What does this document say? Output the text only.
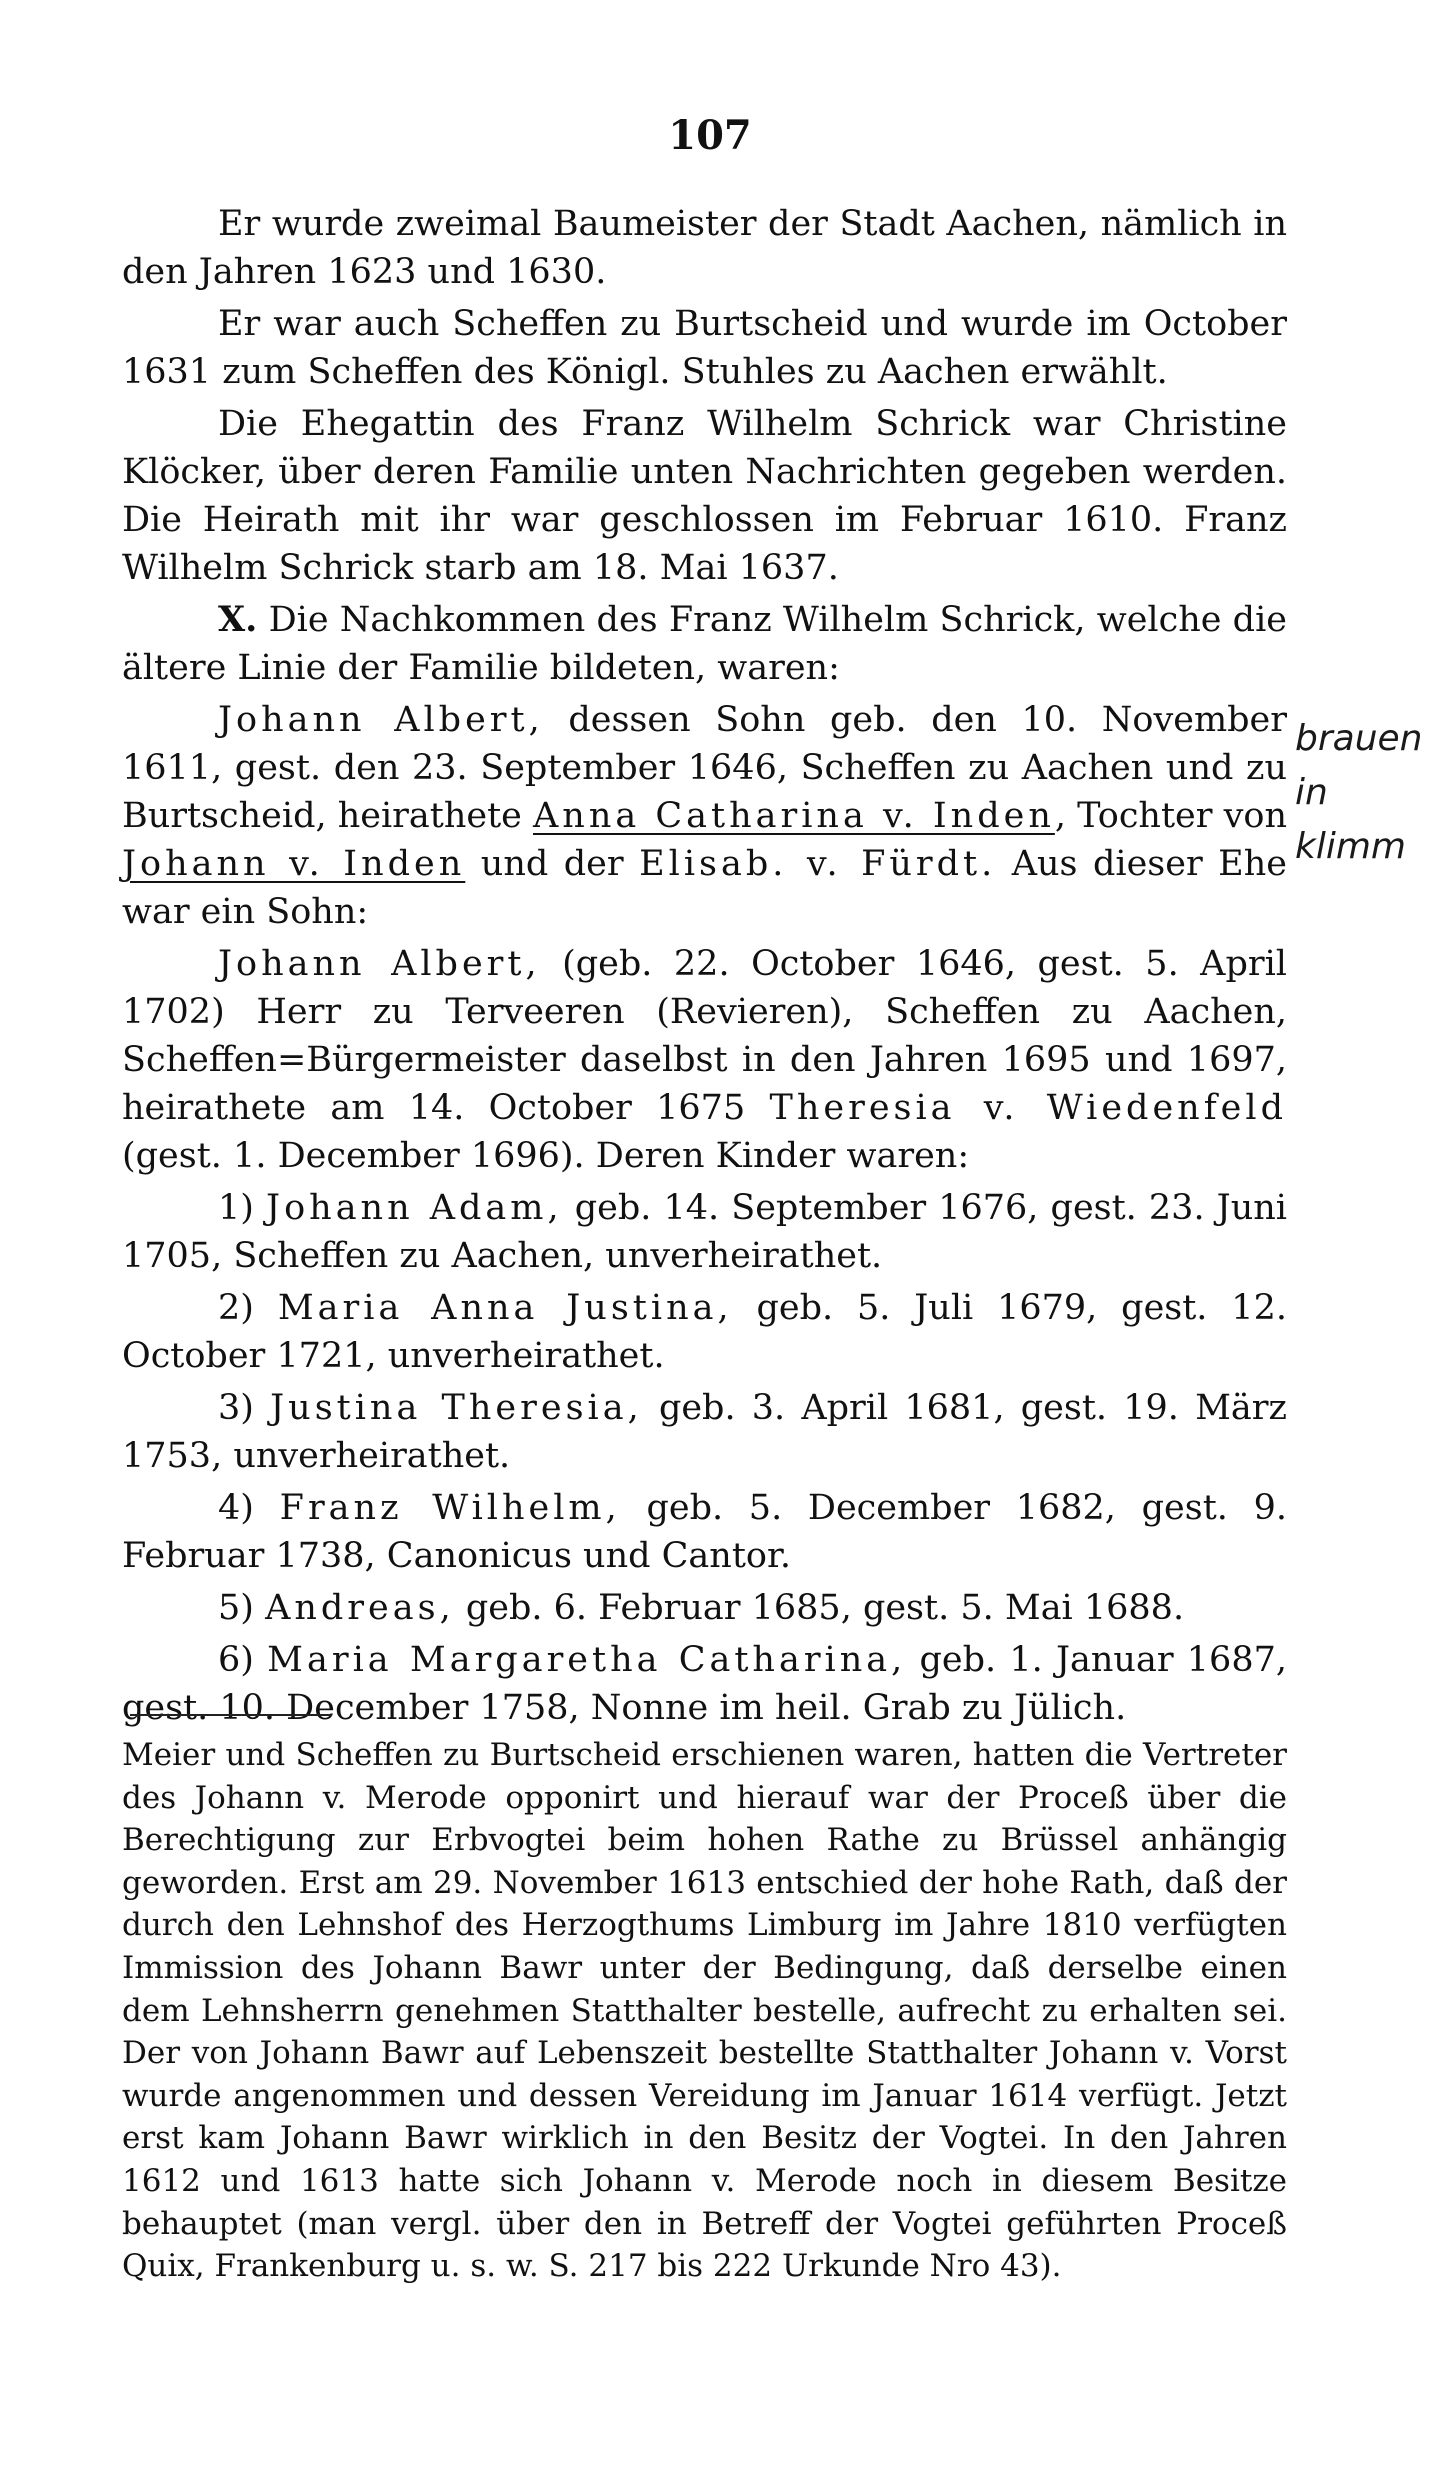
107

Er wurde zweimal Baumeister der Stadt Aachen, nämlich in den Jahren 1623 und 1630.

Er war auch Scheffen zu Burtscheid und wurde im October 1631 zum Scheffen des Königl. Stuhles zu Aachen erwählt.

Die Ehegattin des Franz Wilhelm Schrick war Christine Klöcker, über deren Familie unten Nachrichten gegeben werden. Die Heirath mit ihr war geschlossen im Februar 1610. Franz Wilhelm Schrick starb am 18. Mai 1637.

X. Die Nachkommen des Franz Wilhelm Schrick, welche die ältere Linie der Familie bildeten, waren:

Johann Albert, dessen Sohn geb. den 10. November 1611, gest. den 23. September 1646, Scheffen zu Aachen und zu Burtscheid, heirathete Anna Catharina v. Inden, Tochter von Johann v. Inden und der Elisab. v. Fürdt. Aus dieser Ehe war ein Sohn:

Johann Albert, (geb. 22. October 1646, gest. 5. April 1702) Herr zu Terveeren (Revieren), Scheffen zu Aachen, Scheffen=Bürgermeister daselbst in den Jahren 1695 und 1697, heirathete am 14. October 1675 Theresia v. Wiedenfeld (gest. 1. December 1696). Deren Kinder waren:

1) Johann Adam, geb. 14. September 1676, gest. 23. Juni 1705, Scheffen zu Aachen, unverheirathet.

2) Maria Anna Justina, geb. 5. Juli 1679, gest. 12. October 1721, unverheirathet.

3) Justina Theresia, geb. 3. April 1681, gest. 19. März 1753, unverheirathet.

4) Franz Wilhelm, geb. 5. December 1682, gest. 9. Februar 1738, Canonicus und Cantor.

5) Andreas, geb. 6. Februar 1685, gest. 5. Mai 1688.

6) Maria Margaretha Catharina, geb. 1. Januar 1687, gest. 10. December 1758, Nonne im heil. Grab zu Jülich.

Meier und Scheffen zu Burtscheid erschienen waren, hatten die Vertreter des Johann v. Merode opponirt und hierauf war der Proceß über die Berechtigung zur Erbvogtei beim hohen Rathe zu Brüssel anhängig geworden. Erst am 29. November 1613 entschied der hohe Rath, daß der durch den Lehnshof des Herzogthums Limburg im Jahre 1810 verfügten Immission des Johann Bawr unter der Bedingung, daß derselbe einen dem Lehnsherrn genehmen Statthalter bestelle, aufrecht zu erhalten sei. Der von Johann Bawr auf Lebenszeit bestellte Statthalter Johann v. Vorst wurde angenommen und dessen Vereidung im Januar 1614 verfügt. Jetzt erst kam Johann Bawr wirklich in den Besitz der Vogtei. In den Jahren 1612 und 1613 hatte sich Johann v. Merode noch in diesem Besitze behauptet (man vergl. über den in Betreff der Vogtei geführten Proceß Quix, Frankenburg u. s. w. S. 217 bis 222 Urkunde Nro 43).

brauen
in
klimm
